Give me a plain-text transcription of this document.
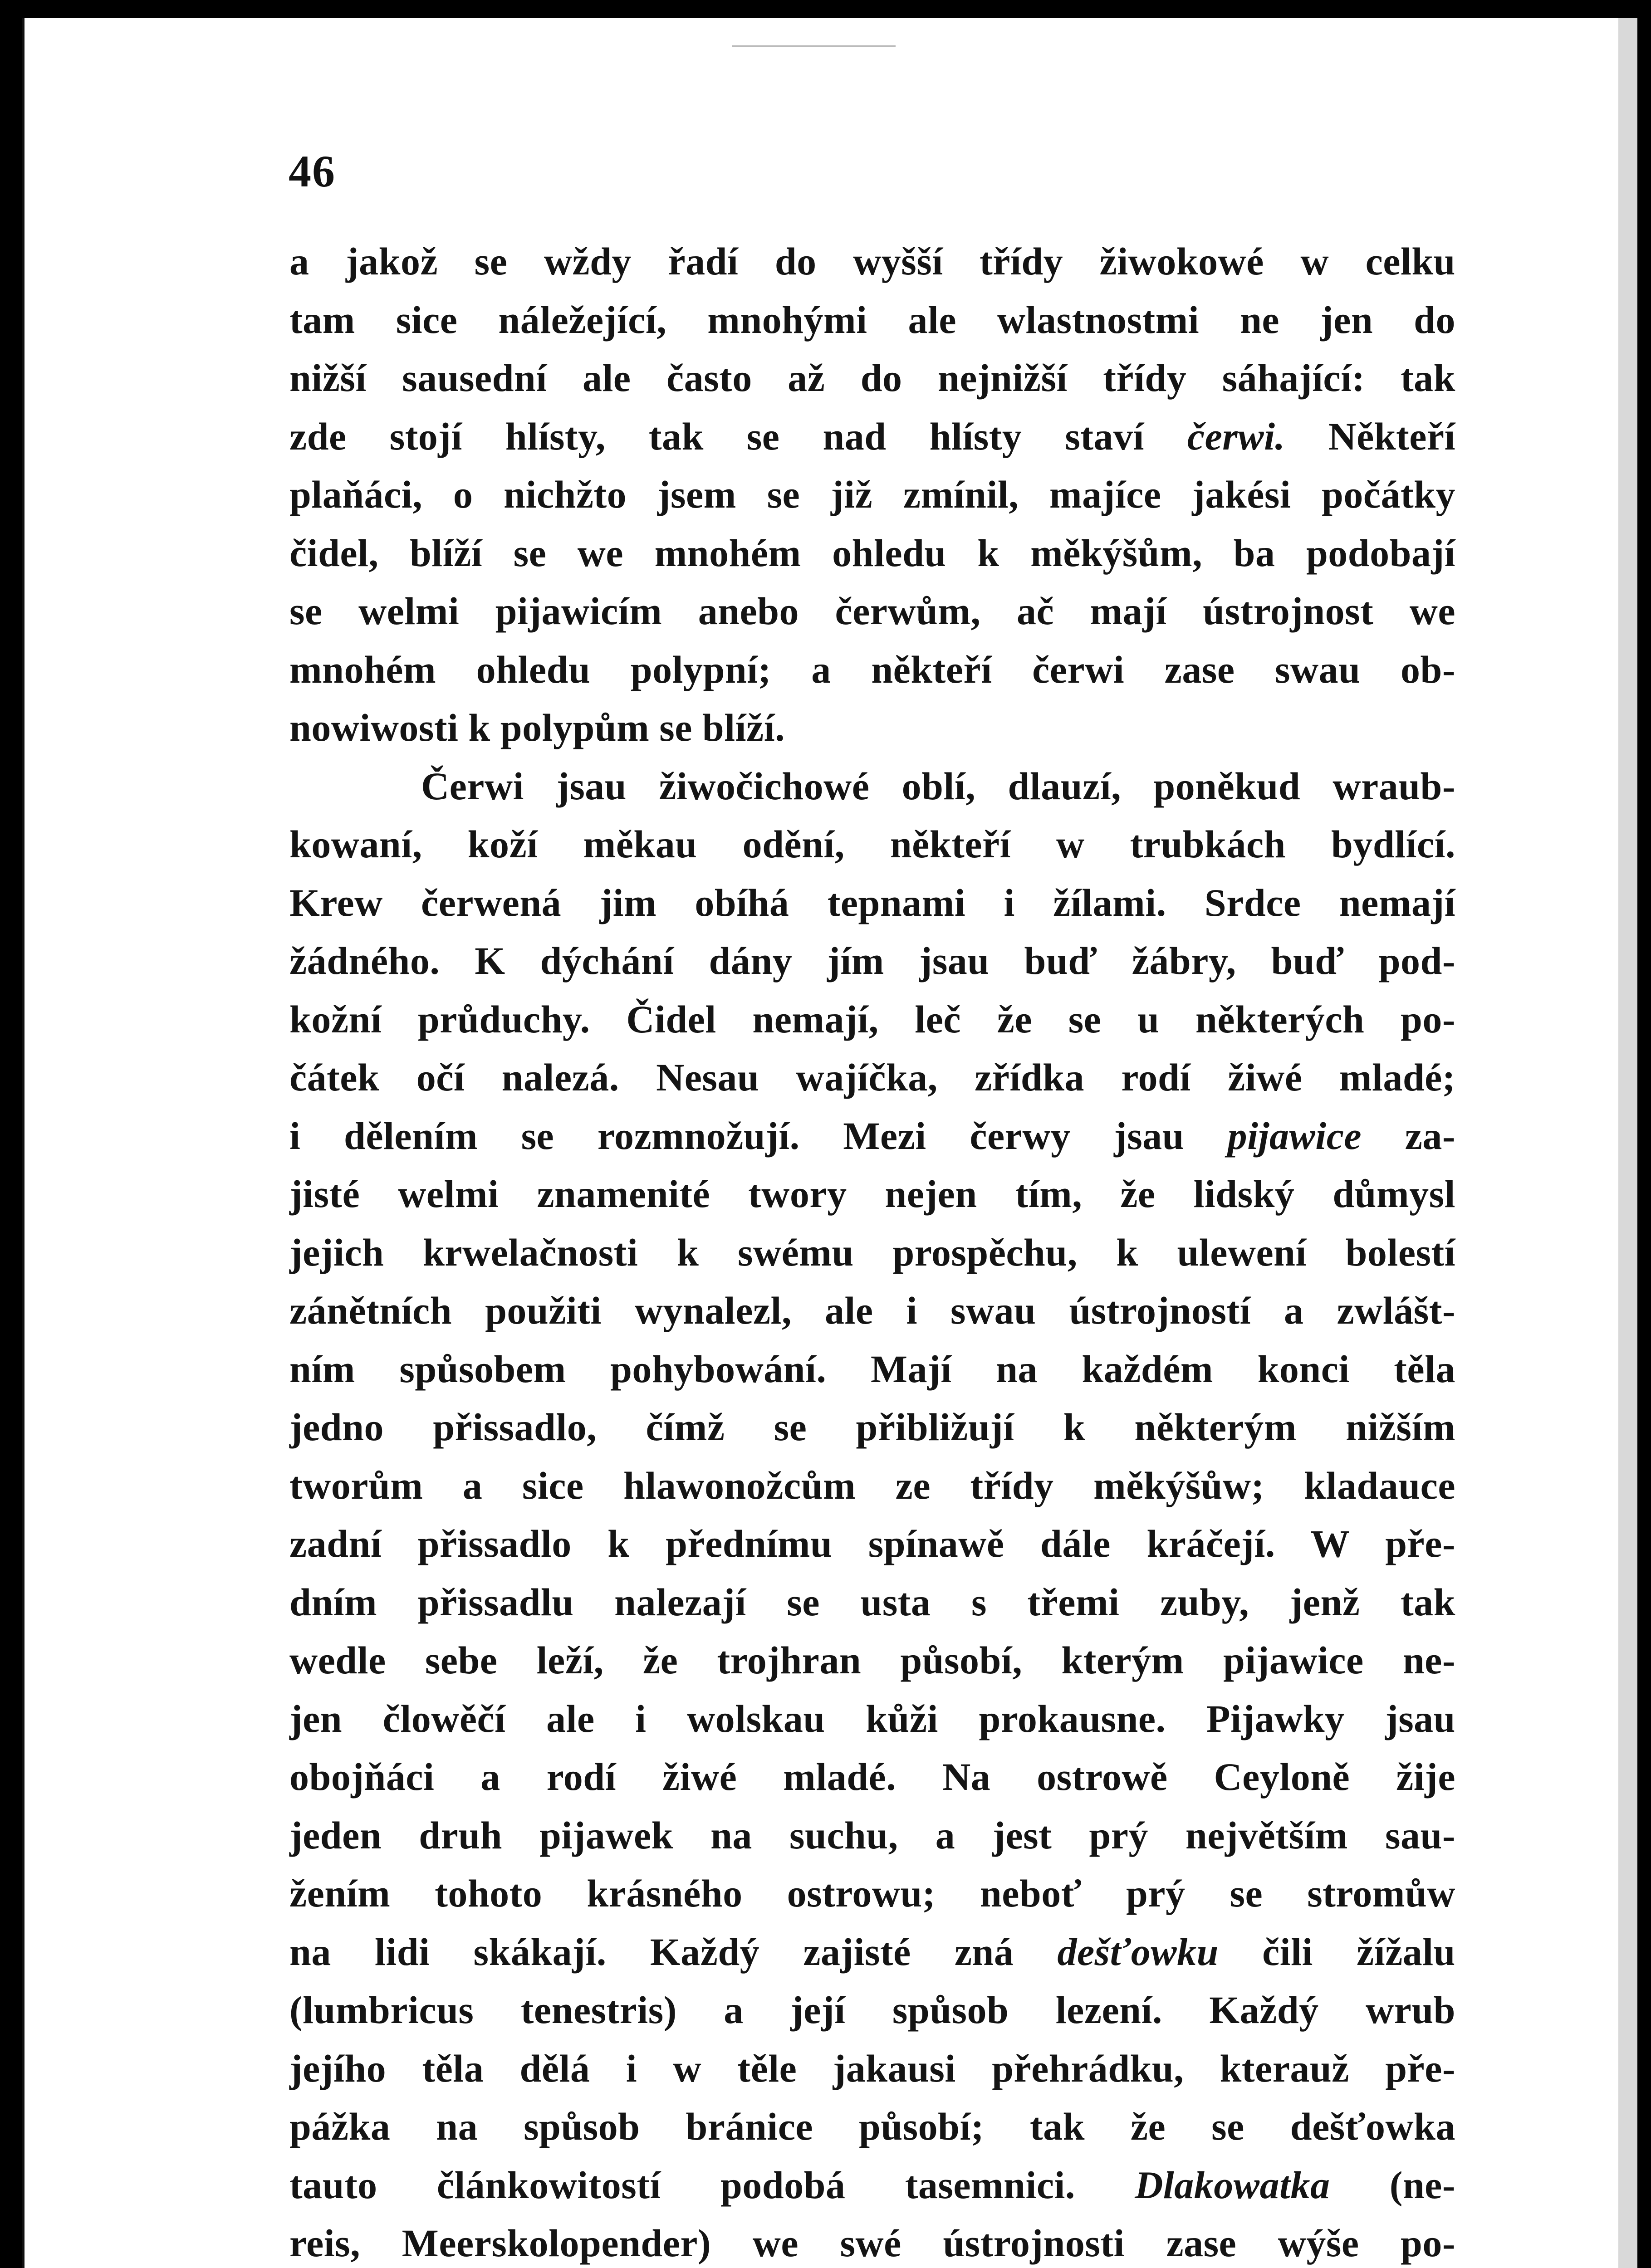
46
a jakož se wždy řadí do wyšší třídy žiwokowé w celku
tam sice náležející, mnohými ale wlastnostmi ne jen do
nižší sausední ale často až do nejnižší třídy sáhající: tak
zde stojí hlísty, tak se nad hlísty staví čerwi. Někteří
plaňáci, o nichžto jsem se již zmínil, majíce jakési počátky
čidel, blíží se we mnohém ohledu k měkýšům, ba podobají
se welmi pijawicím anebo čerwům, ač mají ústrojnost we
mnohém ohledu polypní; a někteří čerwi zase swau ob-
nowiwosti k polypům se blíží.
Čerwi jsau žiwočichowé oblí, dlauzí, poněkud wraub-
kowaní, koží měkau odění, někteří w trubkách bydlící.
Krew čerwená jim obíhá tepnami i žílami. Srdce nemají
žádného. K dýchání dány jím jsau buď žábry, buď pod-
kožní průduchy. Čidel nemají, leč že se u některých po-
čátek očí nalezá. Nesau wajíčka, zřídka rodí žiwé mladé;
i dělením se rozmnožují. Mezi čerwy jsau pijawice za-
jisté welmi znamenité twory nejen tím, že lidský důmysl
jejich krwelačnosti k swému prospěchu, k ulewení bolestí
zánětních použiti wynalezl, ale i swau ústrojností a zwlášt-
ním spůsobem pohybowání. Mají na každém konci těla
jedno přissadlo, čímž se přibližují k některým nižším
tworům a sice hlawonožcům ze třídy měkýšůw; kladauce
zadní přissadlo k přednímu spínawě dále kráčejí. W pře-
dním přissadlu nalezají se usta s třemi zuby, jenž tak
wedle sebe leží, že trojhran působí, kterým pijawice ne-
jen člowěčí ale i wolskau kůži prokausne. Pijawky jsau
obojňáci a rodí žiwé mladé. Na ostrowě Ceyloně žije
jeden druh pijawek na suchu, a jest prý největším sau-
žením tohoto krásného ostrowu; neboť prý se stromůw
na lidi skákají. Každý zajisté zná dešťowku čili žížalu
(lumbricus tenestris) a její spůsob lezení. Každý wrub
jejího těla dělá i w těle jakausi přehrádku, kterauž pře-
pážka na spůsob bránice působí; tak že se dešťowka
tauto článkowitostí podobá tasemnici. Dlakowatka (ne-
reis, Meerskolopender) we swé ústrojnosti zase wýše po-
